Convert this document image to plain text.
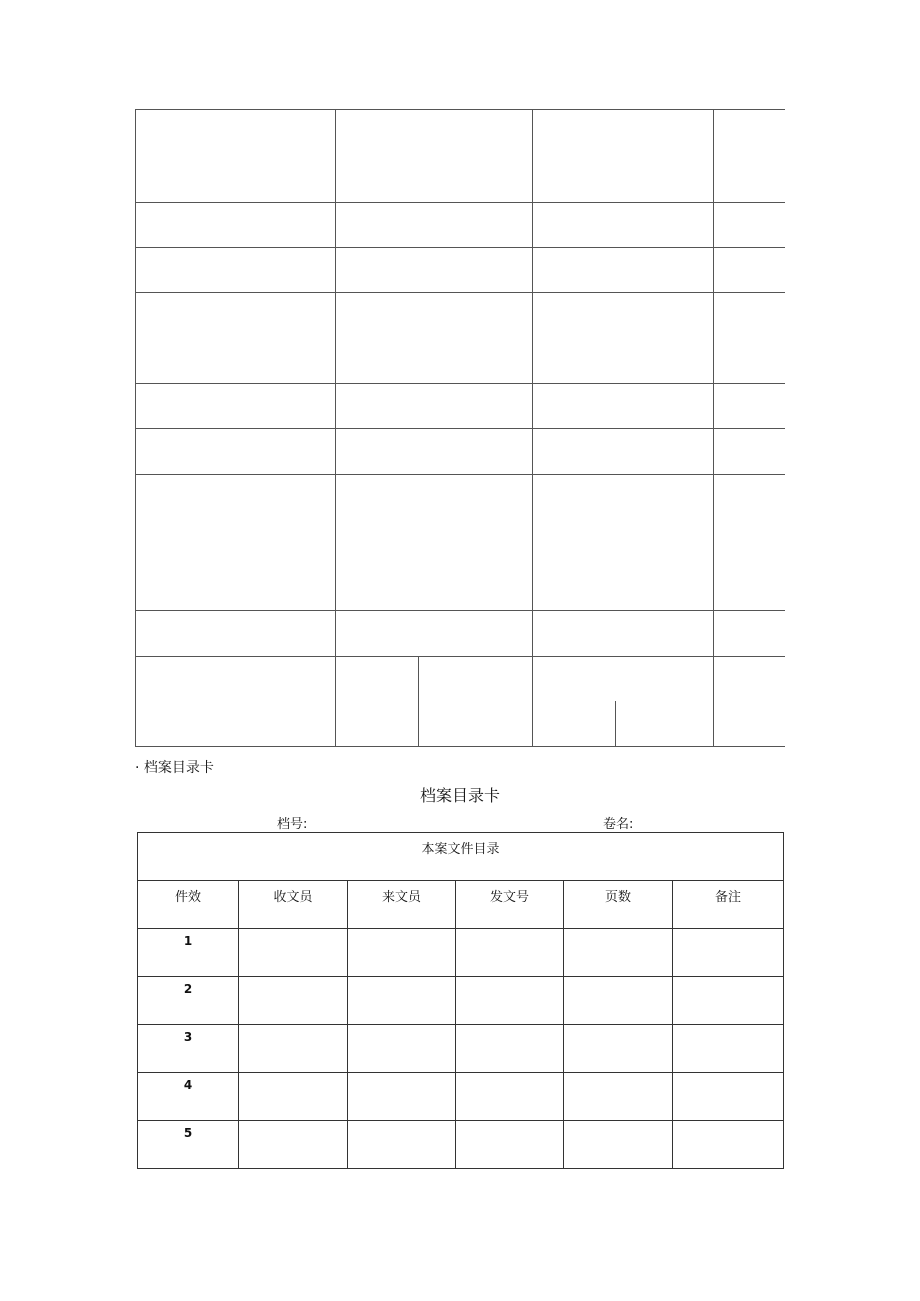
· 档案目录卡
档案目录卡
档号:	卷名:
本案文件目录					
件效	收文员	来文员	发文号	页数	备注
1					
2					
3					
4					
5					
